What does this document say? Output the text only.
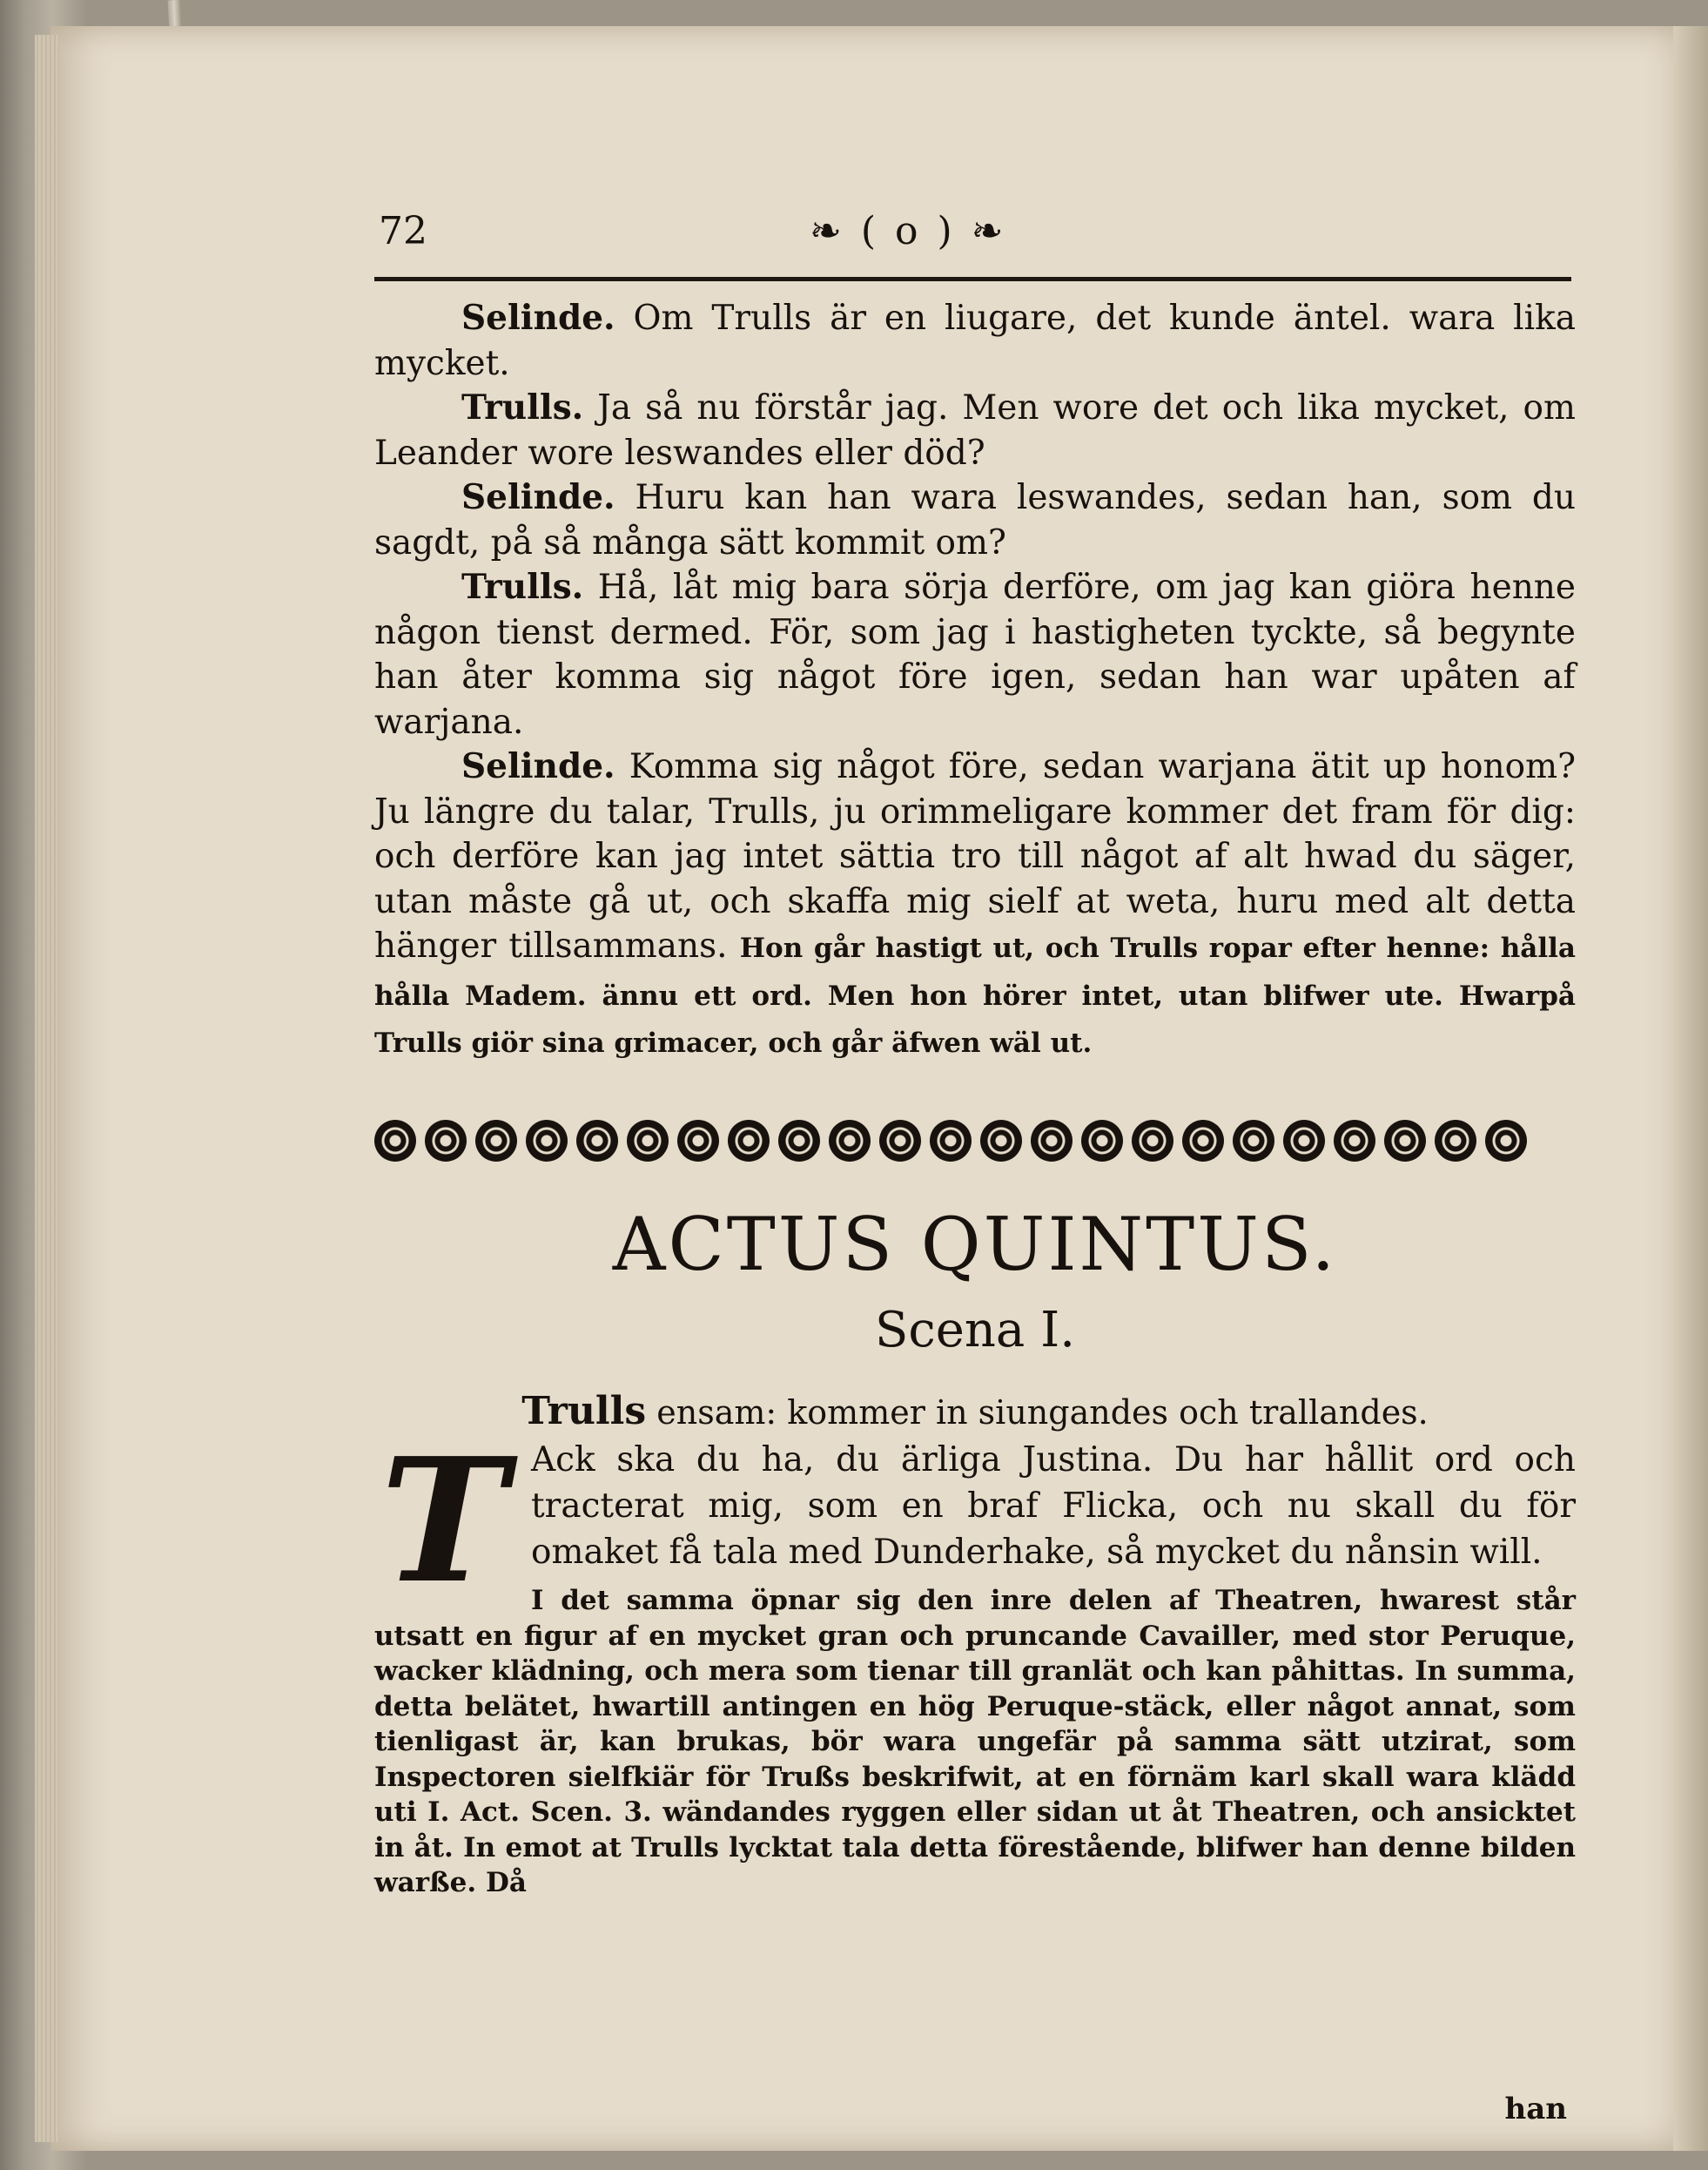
72	❧ ( o ) ❧

Selinde. Om Trulls är en liugare, det kunde äntel. wara lika mycket.

Trulls. Ja så nu förstår jag. Men wore det och lika mycket, om Leander wore leswandes eller död?

Selinde. Huru kan han wara leswandes, sedan han, som du sagdt, på så många sätt kommit om?

Trulls. Hå, låt mig bara sörja derföre, om jag kan giöra henne någon tienst dermed. För, som jag i hastigheten tyckte, så begynte han åter komma sig något före igen, sedan han war upåten af warjana.

Selinde. Komma sig något före, sedan warjana ätit up honom? Ju längre du talar, Trulls, ju orimmeligare kommer det fram för dig: och derföre kan jag intet sättia tro till något af alt hwad du säger, utan måste gå ut, och skaffa mig sielf at weta, huru med alt detta hänger tillsammans. Hon går hastigt ut, och Trulls ropar efter henne: hålla hålla Madem. ännu ett ord. Men hon hörer intet, utan blifwer ute. Hwarpå Trulls giör sina grimacer, och går äfwen wäl ut.

ACTUS QUINTUS.
Scena I.
Trulls ensam: kommer in siungandes och trallandes.
T Ack ska du ha, du ärliga Justina. Du har hållit ord och tracterat mig, som en braf Flicka, och nu skall du för omaket få tala med Dunderhake, så mycket du nånsin will.

I det samma öpnar sig den inre delen af Theatren, hwarest står utsatt en figur af en mycket gran och pruncande Cavailler, med stor Peruque, wacker klädning, och mera som tienar till granlät och kan påhittas. In summa, detta belätet, hwartill antingen en hög Peruque-stäck, eller något annat, som tienligast är, kan brukas, bör wara ungefär på samma sätt utzirat, som Inspectoren sielfkiär för Trußs beskrifwit, at en förnäm karl skall wara klädd uti I. Act. Scen. 3. wändandes ryggen eller sidan ut åt Theatren, och ansicktet in åt. In emot at Trulls lycktat tala detta förestående, blifwer han denne bilden warße. Då

han
